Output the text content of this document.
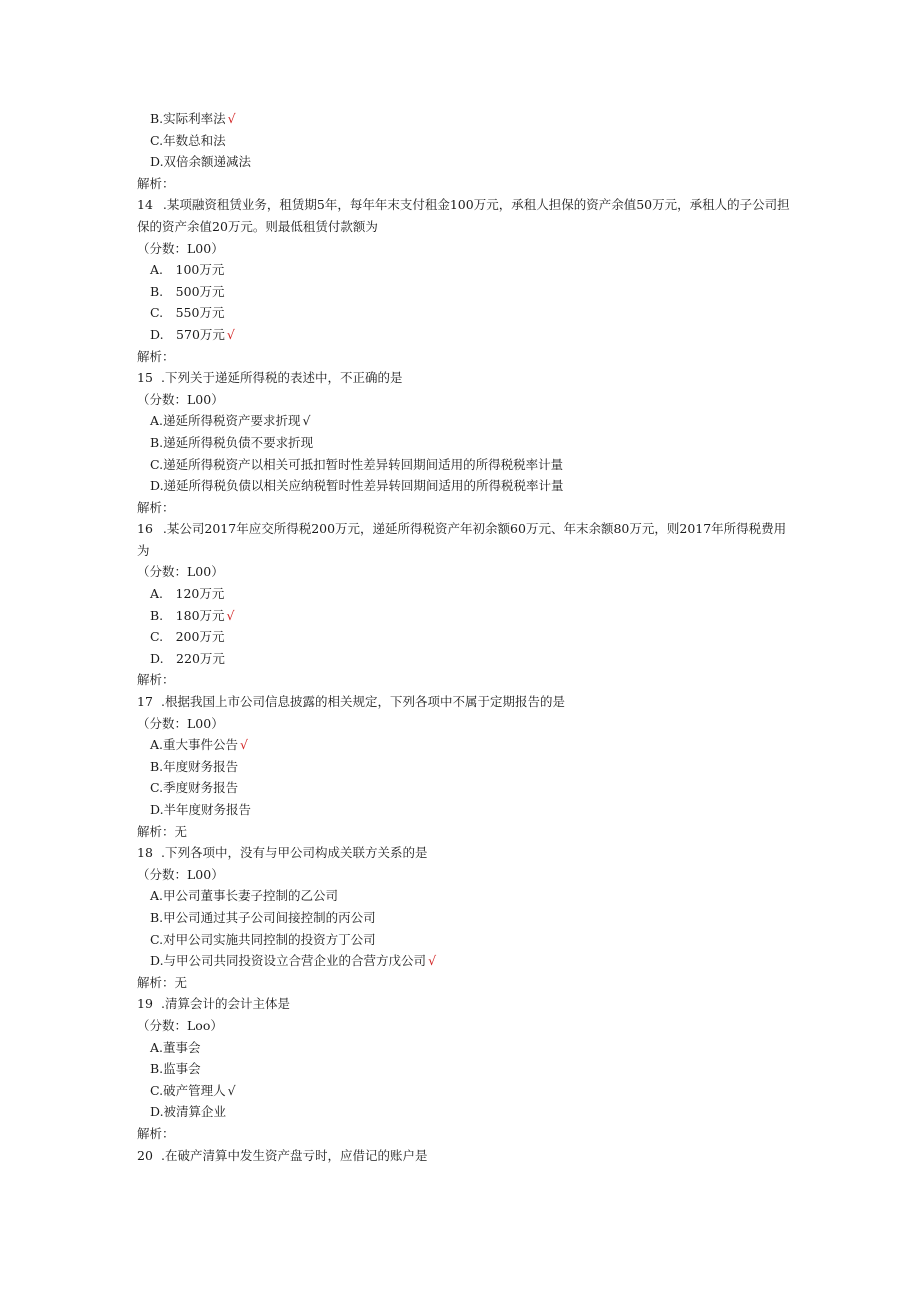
B.实际利率法 √
C.年数总和法
D.双倍余额递减法
解析：
14 .某项融资租赁业务，租赁期5年，每年年末支付租金100万元，承租人担保的资产余值50万元，承租人的子公司担保的资产余值20万元。则最低租赁付款额为
（分数：L00）
A.　100万元
B.　500万元
C.　550万元
D.　570万元 √
解析：
15 .下列关于递延所得税的表述中，不正确的是
（分数：L00）
A.递延所得税资产要求折现 √
B.递延所得税负债不要求折现
C.递延所得税资产以相关可抵扣暂时性差异转回期间适用的所得税税率计量
D.递延所得税负债以相关应纳税暂时性差异转回期间适用的所得税税率计量
解析：
16 .某公司2017年应交所得税200万元，递延所得税资产年初余额60万元、年末余额80万元，则2017年所得税费用为
（分数：L00）
A.　120万元
B.　180万元 √
C.　200万元
D.　220万元
解析：
17 .根据我国上市公司信息披露的相关规定，下列各项中不属于定期报告的是
（分数：L00）
A.重大事件公告 √
B.年度财务报告
C.季度财务报告
D.半年度财务报告
解析：无
18 .下列各项中，没有与甲公司构成关联方关系的是
（分数：L00）
A.甲公司董事长妻子控制的乙公司
B.甲公司通过其子公司间接控制的丙公司
C.对甲公司实施共同控制的投资方丁公司
D.与甲公司共同投资设立合营企业的合营方戊公司 √
解析：无
19 .清算会计的会计主体是
（分数：Loo）
A.董事会
B.监事会
C.破产管理人 √
D.被清算企业
解析：
20 .在破产清算中发生资产盘亏时，应借记的账户是
